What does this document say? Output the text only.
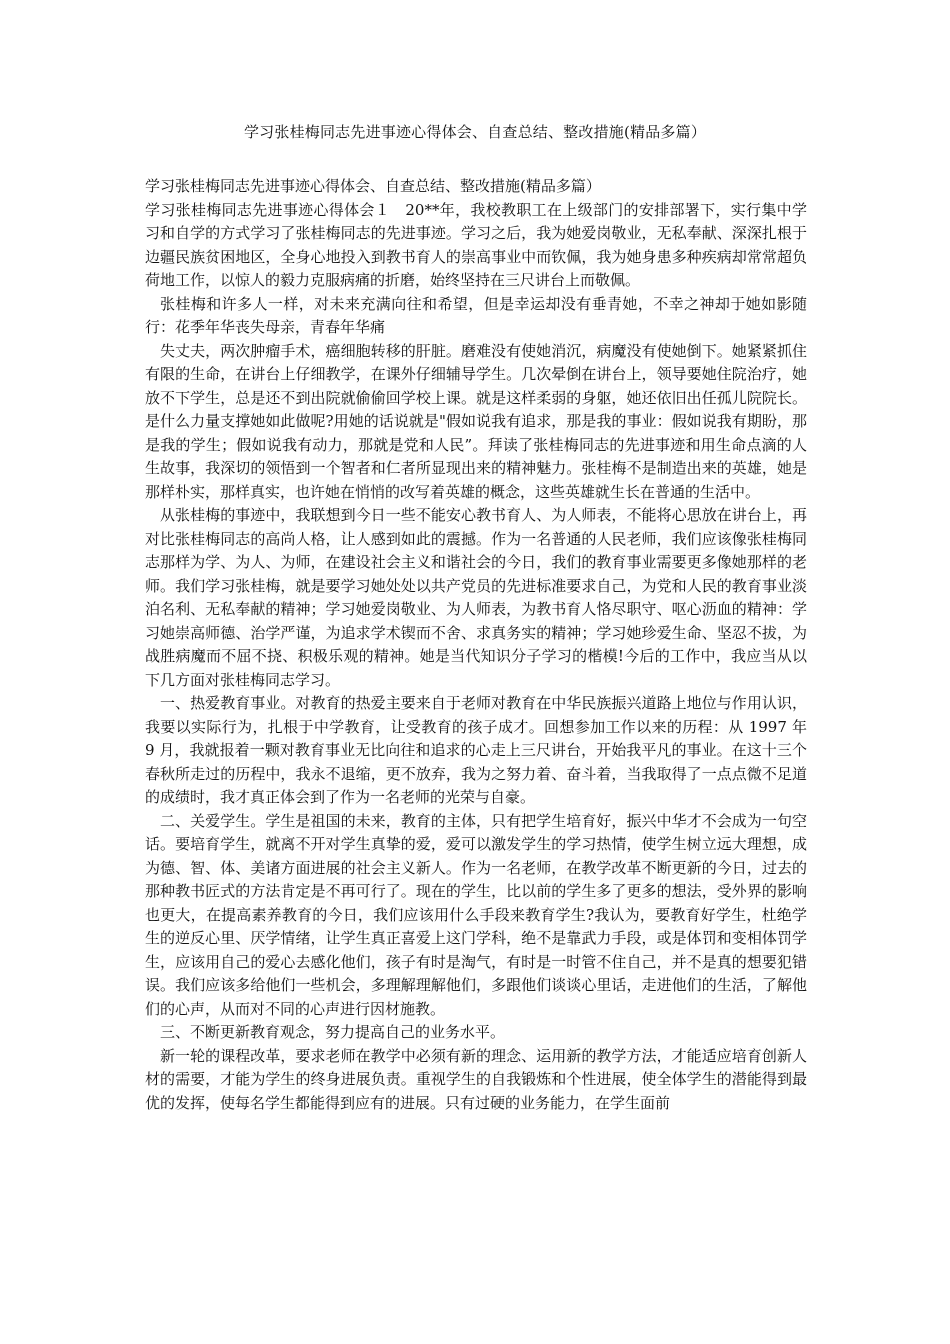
学习张桂梅同志先进事迹心得体会、自查总结、整改措施(精品多篇）

学习张桂梅同志先进事迹心得体会、自查总结、整改措施(精品多篇）

学习张桂梅同志先进事迹心得体会１　20**年，我校教职工在上级部门的安排部署下，实行集中学习和自学的方式学习了张桂梅同志的先进事迹。学习之后，我为她爱岗敬业，无私奉献、深深扎根于边疆民族贫困地区，全身心地投入到教书育人的崇高事业中而钦佩，我为她身患多种疾病却常常超负荷地工作，以惊人的毅力克服病痛的折磨，始终坚持在三尺讲台上而敬佩。

张桂梅和许多人一样，对未来充满向往和希望，但是幸运却没有垂青她，不幸之神却于她如影随行：花季年华丧失母亲，青春年华痛

失丈夫，两次肿瘤手术，癌细胞转移的肝脏。磨难没有使她消沉，病魔没有使她倒下。她紧紧抓住有限的生命，在讲台上仔细教学，在课外仔细辅导学生。几次晕倒在讲台上，领导要她住院治疗，她放不下学生，总是还不到出院就偷偷回学校上课。就是这样柔弱的身躯，她还依旧出任孤儿院院长。是什么力量支撑她如此做呢?用她的话说就是"假如说我有追求，那是我的事业：假如说我有期盼，那是我的学生；假如说我有动力，那就是党和人民”。拜读了张桂梅同志的先进事迹和用生命点滴的人生故事，我深切的领悟到一个智者和仁者所显现出来的精神魅力。张桂梅不是制造出来的英雄，她是那样朴实，那样真实，也许她在悄悄的改写着英雄的概念，这些英雄就生长在普通的生活中。

从张桂梅的事迹中，我联想到今日一些不能安心教书育人、为人师表，不能将心思放在讲台上，再对比张桂梅同志的高尚人格，让人感到如此的震撼。作为一名普通的人民老师，我们应该像张桂梅同志那样为学、为人、为师，在建设社会主义和谐社会的今日，我们的教育事业需要更多像她那样的老师。我们学习张桂梅，就是要学习她处处以共产党员的先进标准要求自己，为党和人民的教育事业淡泊名利、无私奉献的精神；学习她爱岗敬业、为人师表，为教书育人恪尽职守、呕心沥血的精神：学习她崇高师德、治学严谨，为追求学术锲而不舍、求真务实的精神；学习她珍爱生命、坚忍不拔，为战胜病魔而不屈不挠、积极乐观的精神。她是当代知识分子学习的楷模!今后的工作中，我应当从以下几方面对张桂梅同志学习。

一、热爱教育事业。对教育的热爱主要来自于老师对教育在中华民族振兴道路上地位与作用认识，我要以实际行为，扎根于中学教育，让受教育的孩子成才。回想参加工作以来的历程：从 1997 年 9 月，我就报着一颗对教育事业无比向往和追求的心走上三尺讲台，开始我平凡的事业。在这十三个春秋所走过的历程中，我永不退缩，更不放弃，我为之努力着、奋斗着，当我取得了一点点微不足道的成绩时，我才真正体会到了作为一名老师的光荣与自豪。

二、关爱学生。学生是祖国的未来，教育的主体，只有把学生培育好，振兴中华才不会成为一句空话。要培育学生，就离不开对学生真挚的爱，爱可以激发学生的学习热情，使学生树立远大理想，成为德、智、体、美诸方面进展的社会主义新人。作为一名老师，在教学改革不断更新的今日，过去的那种教书匠式的方法肯定是不再可行了。现在的学生，比以前的学生多了更多的想法，受外界的影响也更大，在提高素养教育的今日，我们应该用什么手段来教育学生?我认为，要教育好学生，杜绝学生的逆反心里、厌学情绪，让学生真正喜爱上这门学科，绝不是靠武力手段，或是体罚和变相体罚学生，应该用自己的爱心去感化他们，孩子有时是淘气，有时是一时管不住自己，并不是真的想要犯错误。我们应该多给他们一些机会，多理解理解他们，多跟他们谈谈心里话，走进他们的生活，了解他们的心声，从而对不同的心声进行因材施教。

三、不断更新教育观念，努力提高自己的业务水平。

新一轮的课程改革，要求老师在教学中必须有新的理念、运用新的教学方法，才能适应培育创新人材的需要，才能为学生的终身进展负责。重视学生的自我锻炼和个性进展，使全体学生的潜能得到最优的发挥，使每名学生都能得到应有的进展。只有过硬的业务能力，在学生面前
